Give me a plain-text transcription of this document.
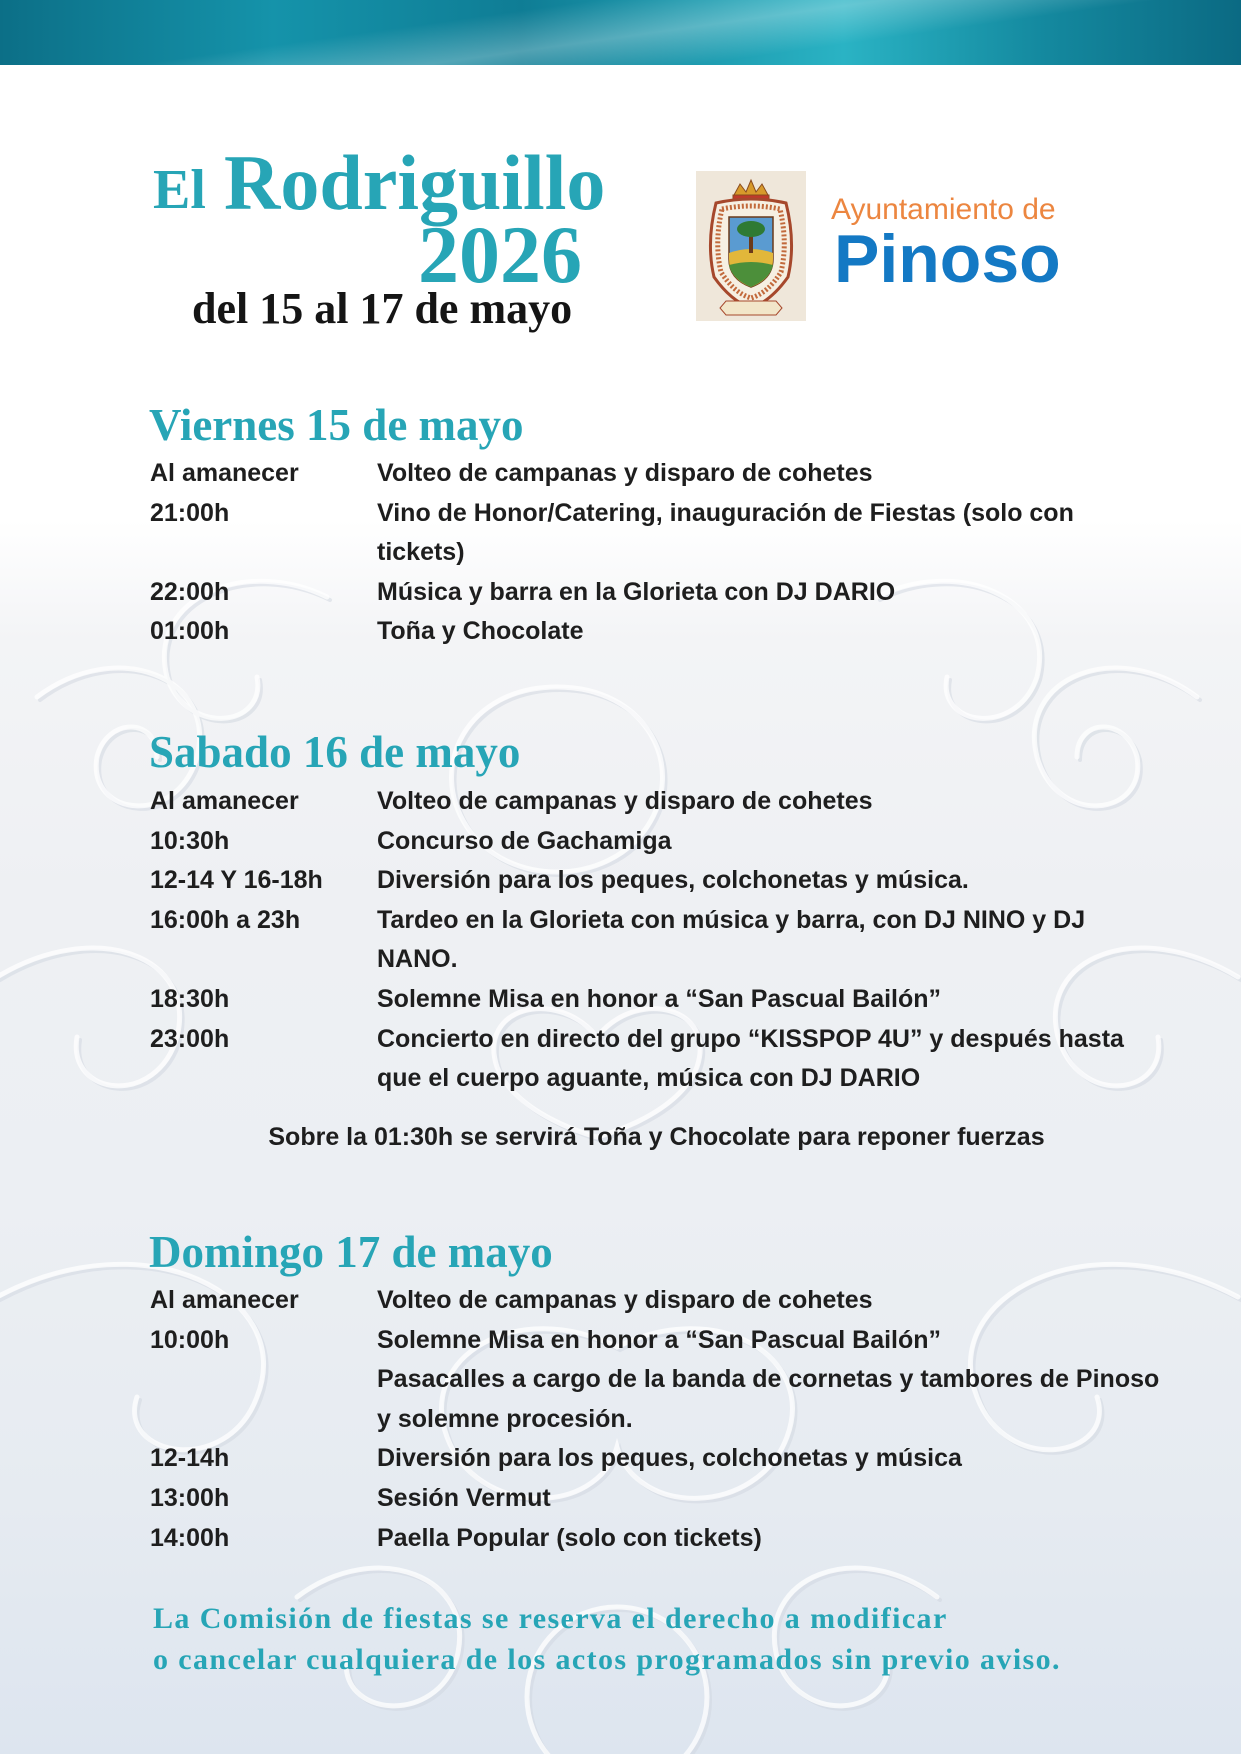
El Rodriguillo
2026
del 15 al 17 de mayo
Ayuntamiento de
Pinoso
Viernes 15 de mayo
Al amanecer	Volteo de campanas y disparo de cohetes
21:00h	Vino de Honor/Catering, inauguración de Fiestas (solo con
tickets)
22:00h	Música y barra en la Glorieta con DJ DARIO
01:00h	Toña y Chocolate
Sabado 16 de mayo
Al amanecer	Volteo de campanas y disparo de cohetes
10:30h	Concurso de Gachamiga
12-14 Y 16-18h	Diversión para los peques, colchonetas y música.
16:00h a 23h	Tardeo en la Glorieta con música y barra, con DJ NINO y DJ
NANO.
18:30h	Solemne Misa en honor a “San Pascual Bailón”
23:00h	Concierto en directo del grupo “KISSPOP 4U” y después hasta
que el cuerpo aguante, música con DJ DARIO
Sobre la 01:30h se servirá Toña y Chocolate para reponer fuerzas
Domingo 17 de mayo
Al amanecer	Volteo de campanas y disparo de cohetes
10:00h	Solemne Misa en honor a “San Pascual Bailón”
Pasacalles a cargo de la banda de cornetas y tambores de Pinoso
y solemne procesión.
12-14h	Diversión para los peques, colchonetas y música
13:00h	Sesión Vermut
14:00h	Paella Popular (solo con tickets)
La Comisión de fiestas se reserva el derecho a modificar
o cancelar cualquiera de los actos programados sin previo aviso.
